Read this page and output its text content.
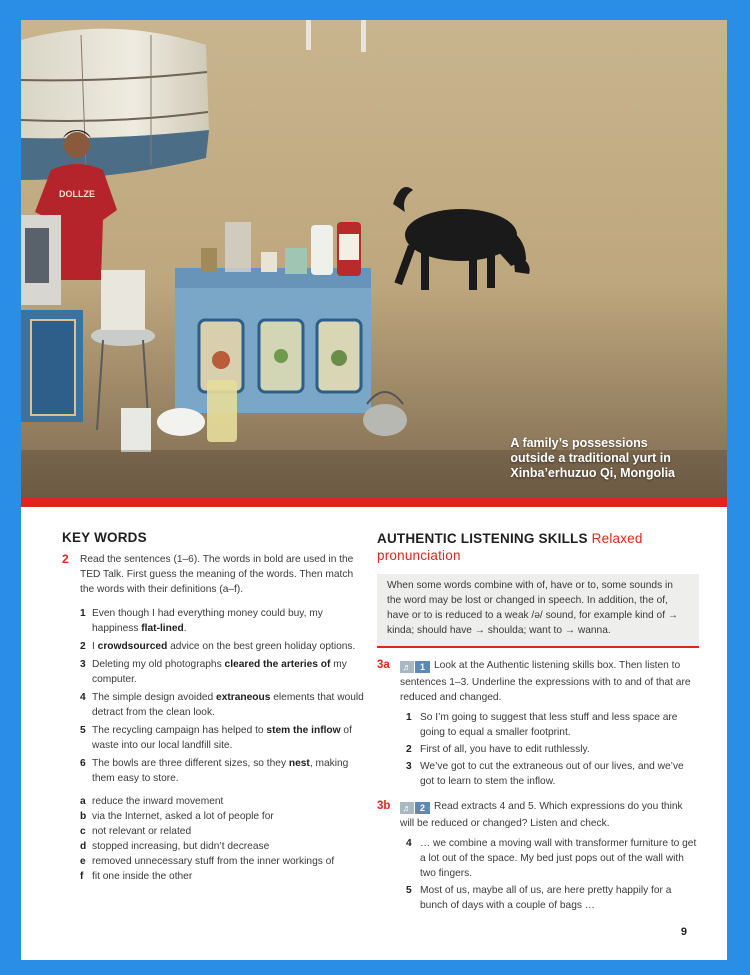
DOLLZE
A family’s possessions
outside a traditional yurt in
Xinba’erhuzuo Qi, Mongolia
KEY WORDS
2 Read the sentences (1–6). The words in bold are used in the TED Talk. First guess the meaning of the words. Then match the words with their definitions (a–f).

1 Even though I had everything money could buy, my happiness flat-lined.
2 I crowdsourced advice on the best green holiday options.
3 Deleting my old photographs cleared the arteries of my computer.
4 The simple design avoided extraneous elements that would detract from the clean look.
5 The recycling campaign has helped to stem the inflow of waste into our local landfill site.
6 The bowls are three different sizes, so they nest, making them easy to store.
a reduce the inward movement
b via the Internet, asked a lot of people for
c not relevant or related
d stopped increasing, but didn’t decrease
e removed unnecessary stuff from the inner workings of
f fit one inside the other
AUTHENTIC LISTENING SKILLS Relaxed pronunciation

When some words combine with of, have or to, some sounds in the word may be lost or changed in speech. In addition, the of, have or to is reduced to a weak /ə/ sound, for example kind of → kinda; should have → shoulda; want to → wanna.

3a ♬ 1 Look at the Authentic listening skills box. Then listen to sentences 1–3. Underline the expressions with to and of that are reduced and changed.

1 So I’m going to suggest that less stuff and less space are going to equal a smaller footprint.
2 First of all, you have to edit ruthlessly.
3 We’ve got to cut the extraneous out of our lives, and we’ve got to learn to stem the inflow.
3b ♬ 2 Read extracts 4 and 5. Which expressions do you think will be reduced or changed? Listen and check.

4 … we combine a moving wall with transformer furniture to get a lot out of the space. My bed just pops out of the wall with two fingers.
5 Most of us, maybe all of us, are here pretty happily for a bunch of days with a couple of bags …
9
